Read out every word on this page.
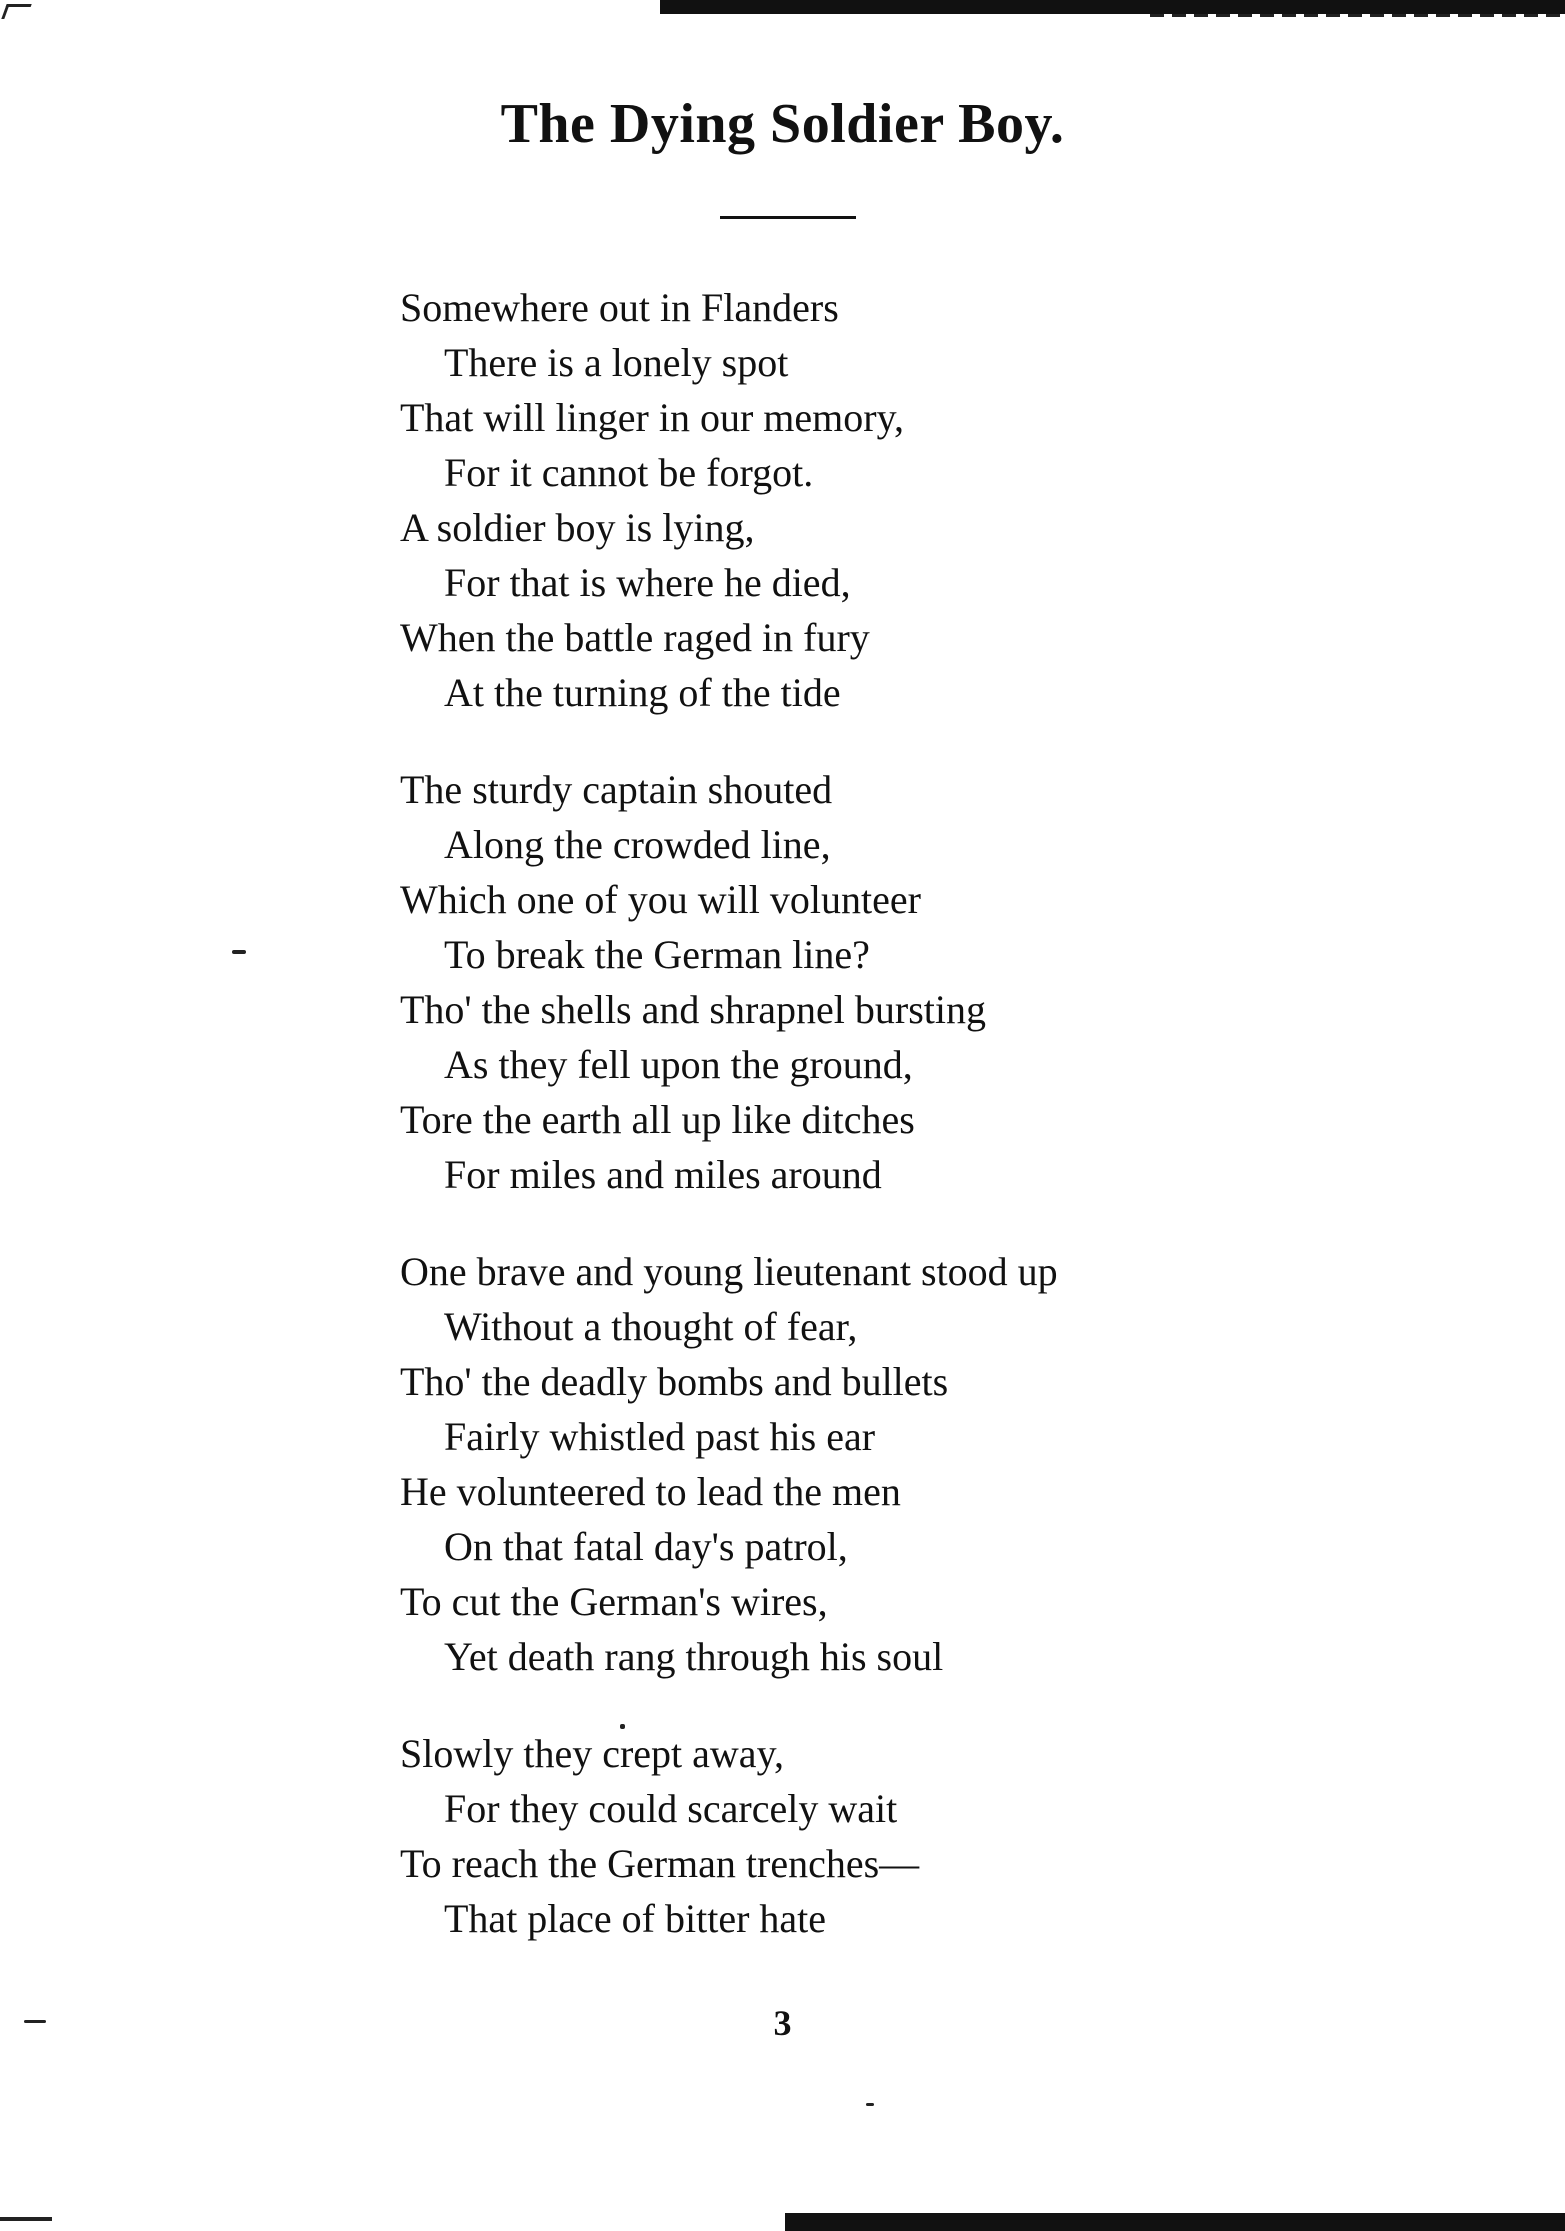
The Dying Soldier Boy.
Somewhere out in Flanders
There is a lonely spot
That will linger in our memory,
For it cannot be forgot.
A soldier boy is lying,
For that is where he died,
When the battle raged in fury
At the turning of the tide
The sturdy captain shouted
Along the crowded line,
Which one of you will volunteer
To break the German line?
Tho' the shells and shrapnel bursting
As they fell upon the ground,
Tore the earth all up like ditches
For miles and miles around
One brave and young lieutenant stood up
Without a thought of fear,
Tho' the deadly bombs and bullets
Fairly whistled past his ear
He volunteered to lead the men
On that fatal day's patrol,
To cut the German's wires,
Yet death rang through his soul
Slowly they crept away,
For they could scarcely wait
To reach the German trenches—
That place of bitter hate
3
